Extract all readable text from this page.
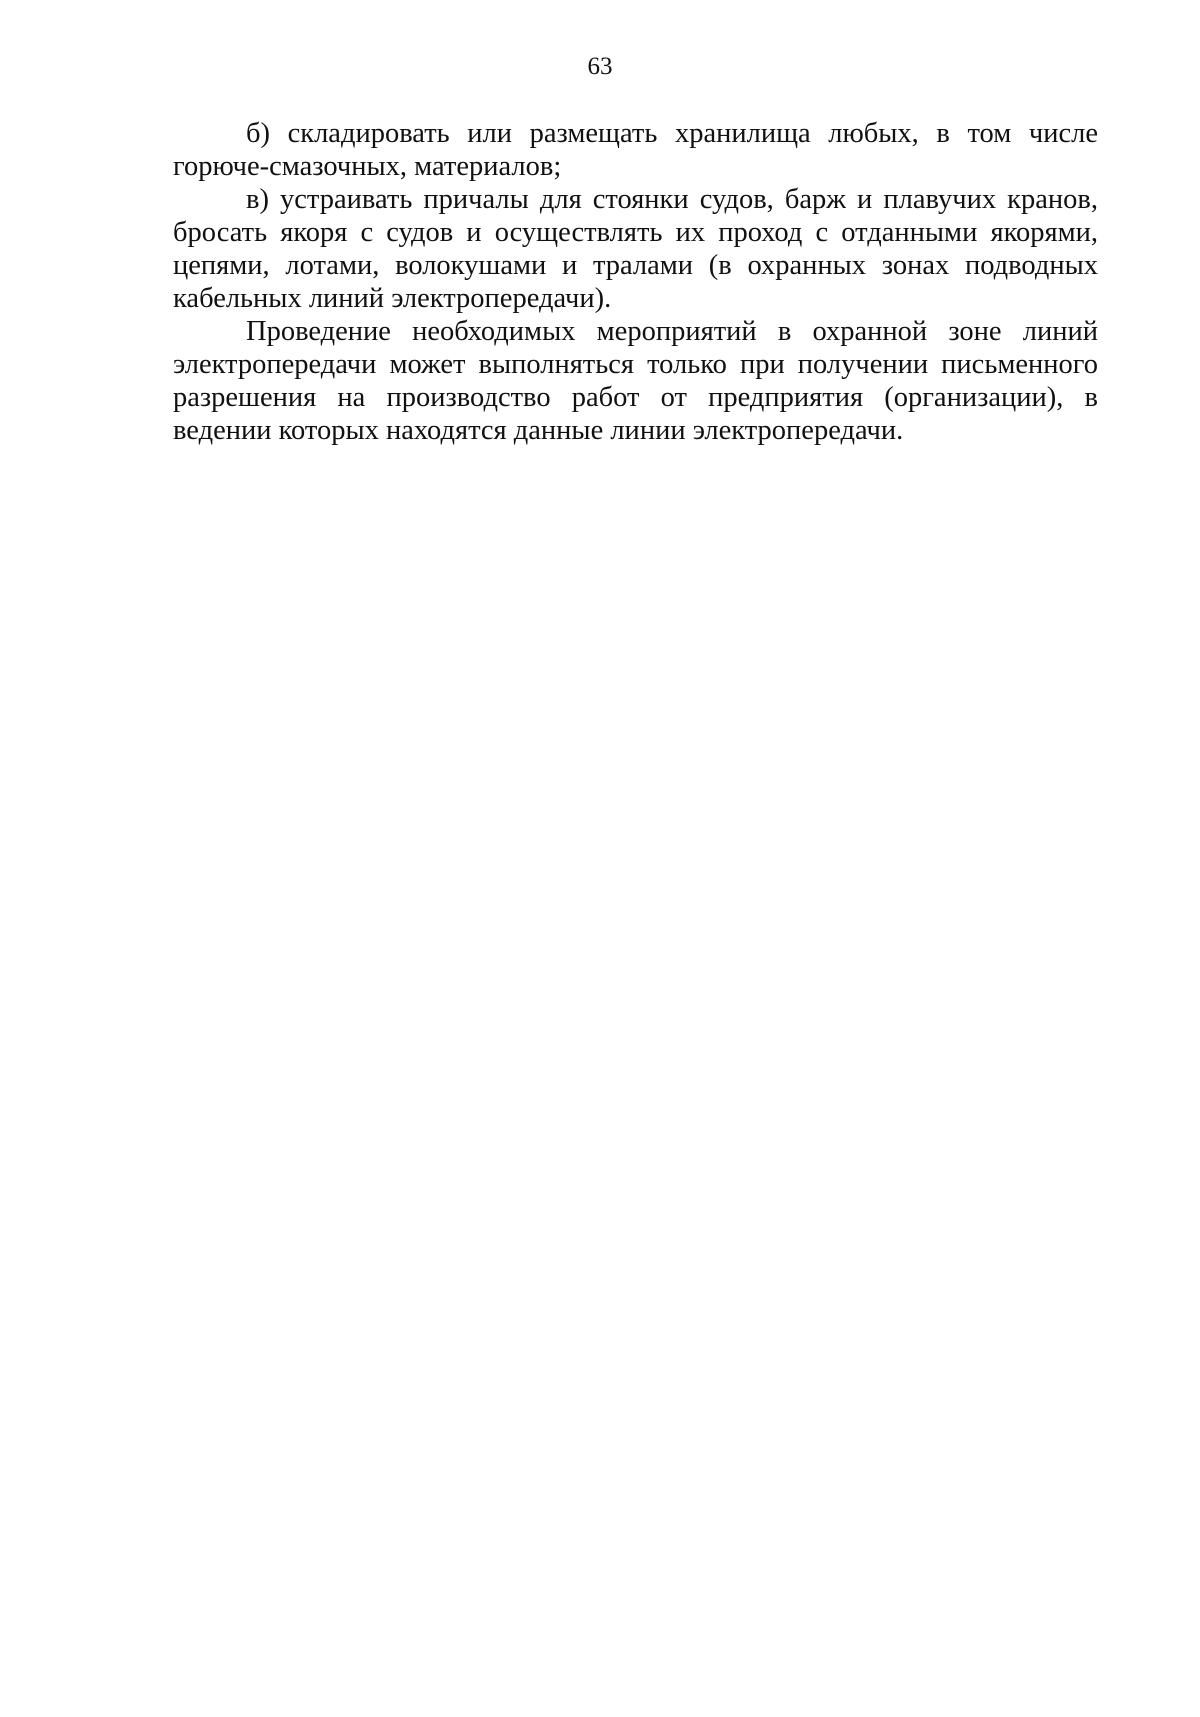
63

б) складировать или размещать хранилища любых, в том числе горюче-смазочных, материалов;

в) устраивать причалы для стоянки судов, барж и плавучих кранов, бросать якоря с судов и осуществлять их проход с отданными якорями, цепями, лотами, волокушами и тралами (в охранных зонах подводных кабельных линий электропередачи).

Проведение необходимых мероприятий в охранной зоне линий электропередачи может выполняться только при получении письменного разрешения на производство работ от предприятия (организации), в ведении которых находятся данные линии электропередачи.
